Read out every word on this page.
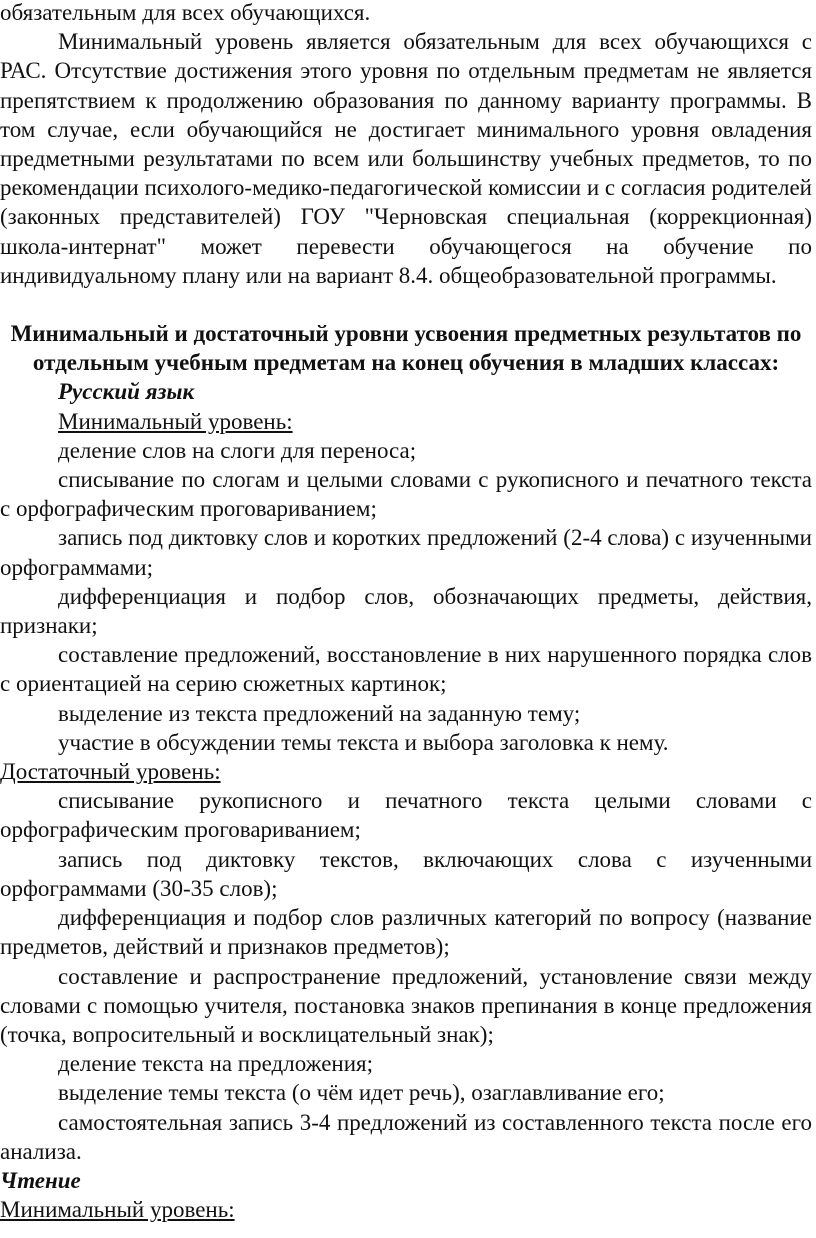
обязательным для всех обучающихся.

Минимальный уровень является обязательным для всех обучающихся с РАС. Отсутствие достижения этого уровня по отдельным предметам не является препятствием к продолжению образования по данному варианту программы. В том случае, если обучающийся не достигает минимального уровня овладения предметными результатами по всем или большинству учебных предметов, то по рекомендации психолого-медико-педагогической комиссии и с согласия родителей (законных представителей) ГОУ "Черновская специальная (коррекционная) школа-интернат" может перевести обучающегося на обучение по индивидуальному плану или на вариант 8.4. общеобразовательной программы.

Минимальный и достаточный уровни усвоения предметных результатов по отдельным учебным предметам на конец обучения в младших классах:

Русский язык

Минимальный уровень:

деление слов на слоги для переноса;

списывание по слогам и целыми словами с рукописного и печатного текста с орфографическим проговариванием;

запись под диктовку слов и коротких предложений (2-4 слова) с изученными орфограммами;

дифференциация и подбор слов, обозначающих предметы, действия, признаки;

составление предложений, восстановление в них нарушенного порядка слов с ориентацией на серию сюжетных картинок;

выделение из текста предложений на заданную тему;

участие в обсуждении темы текста и выбора заголовка к нему.

Достаточный уровень:

списывание рукописного и печатного текста целыми словами с орфографическим проговариванием;

запись под диктовку текстов, включающих слова с изученными орфограммами (30-35 слов);

дифференциация и подбор слов различных категорий по вопросу (название предметов, действий и признаков предметов);

составление и распространение предложений, установление связи между словами с помощью учителя, постановка знаков препинания в конце предложения (точка, вопросительный и восклицательный знак);

деление текста на предложения;

выделение темы текста (о чём идет речь), озаглавливание его;

самостоятельная запись 3-4 предложений из составленного текста после его анализа.

Чтение

Минимальный уровень:
